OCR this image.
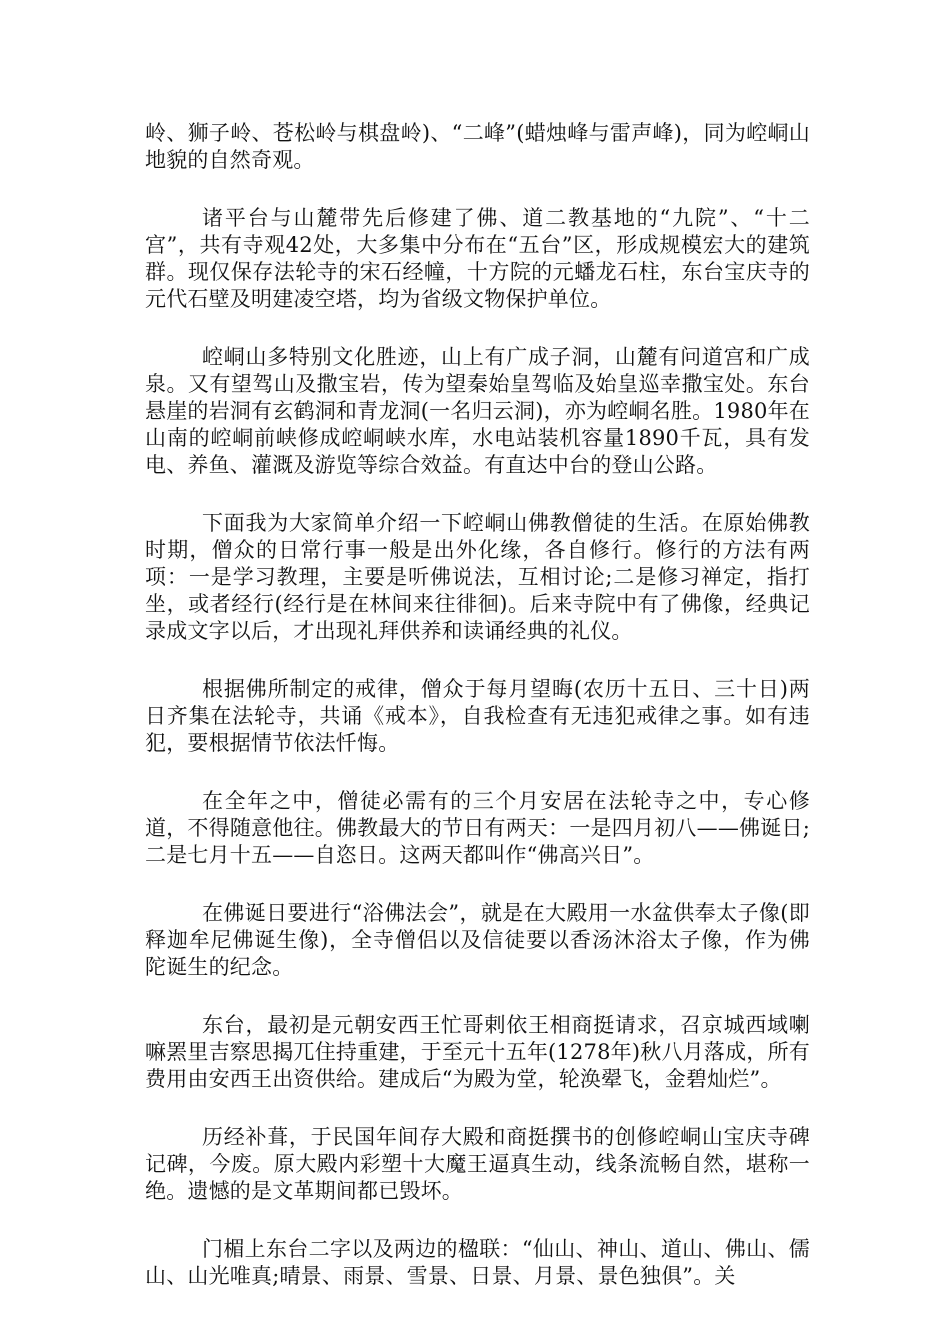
岭、狮子岭、苍松岭与棋盘岭)、“二峰”(蜡烛峰与雷声峰)，同为崆峒山地貌的自然奇观。

诸平台与山麓带先后修建了佛、道二教基地的“九院”、“十二宫”，共有寺观42处，大多集中分布在“五台”区，形成规模宏大的建筑群。现仅保存法轮寺的宋石经幢，十方院的元蟠龙石柱，东台宝庆寺的元代石壁及明建凌空塔，均为省级文物保护单位。

崆峒山多特别文化胜迹，山上有广成子洞，山麓有问道宫和广成泉。又有望驾山及撒宝岩，传为望秦始皇驾临及始皇巡幸撒宝处。东台悬崖的岩洞有玄鹤洞和青龙洞(一名归云洞)，亦为崆峒名胜。1980年在山南的崆峒前峡修成崆峒峡水库，水电站装机容量1890千瓦，具有发电、养鱼、灌溉及游览等综合效益。有直达中台的登山公路。

下面我为大家简单介绍一下崆峒山佛教僧徒的生活。在原始佛教时期，僧众的日常行事一般是出外化缘，各自修行。修行的方法有两项：一是学习教理，主要是听佛说法，互相讨论;二是修习禅定，指打坐，或者经行(经行是在林间来往徘徊)。后来寺院中有了佛像，经典记录成文字以后，才出现礼拜供养和读诵经典的礼仪。

根据佛所制定的戒律，僧众于每月望晦(农历十五日、三十日)两日齐集在法轮寺，共诵《戒本》，自我检查有无违犯戒律之事。如有违犯，要根据情节依法忏悔。

在全年之中，僧徒必需有的三个月安居在法轮寺之中，专心修道，不得随意他往。佛教最大的节日有两天：一是四月初八——佛诞日;二是七月十五——自恣日。这两天都叫作“佛高兴日”。

在佛诞日要进行“浴佛法会”，就是在大殿用一水盆供奉太子像(即释迦牟尼佛诞生像)，全寺僧侣以及信徒要以香汤沐浴太子像，作为佛陀诞生的纪念。

东台，最初是元朝安西王忙哥剌依王相商挺请求，召京城西域喇嘛罴里吉察思揭兀住持重建，于至元十五年(1278年)秋八月落成，所有费用由安西王出资供给。建成后“为殿为堂，轮涣翚飞，金碧灿烂”。

历经补葺，于民国年间存大殿和商挺撰书的创修崆峒山宝庆寺碑记碑，今废。原大殿内彩塑十大魔王逼真生动，线条流畅自然，堪称一绝。遗憾的是文革期间都已毁坏。

门楣上东台二字以及两边的楹联：“仙山、神山、道山、佛山、儒山、山光唯真;晴景、雨景、雪景、日景、月景、景色独俱”。关
